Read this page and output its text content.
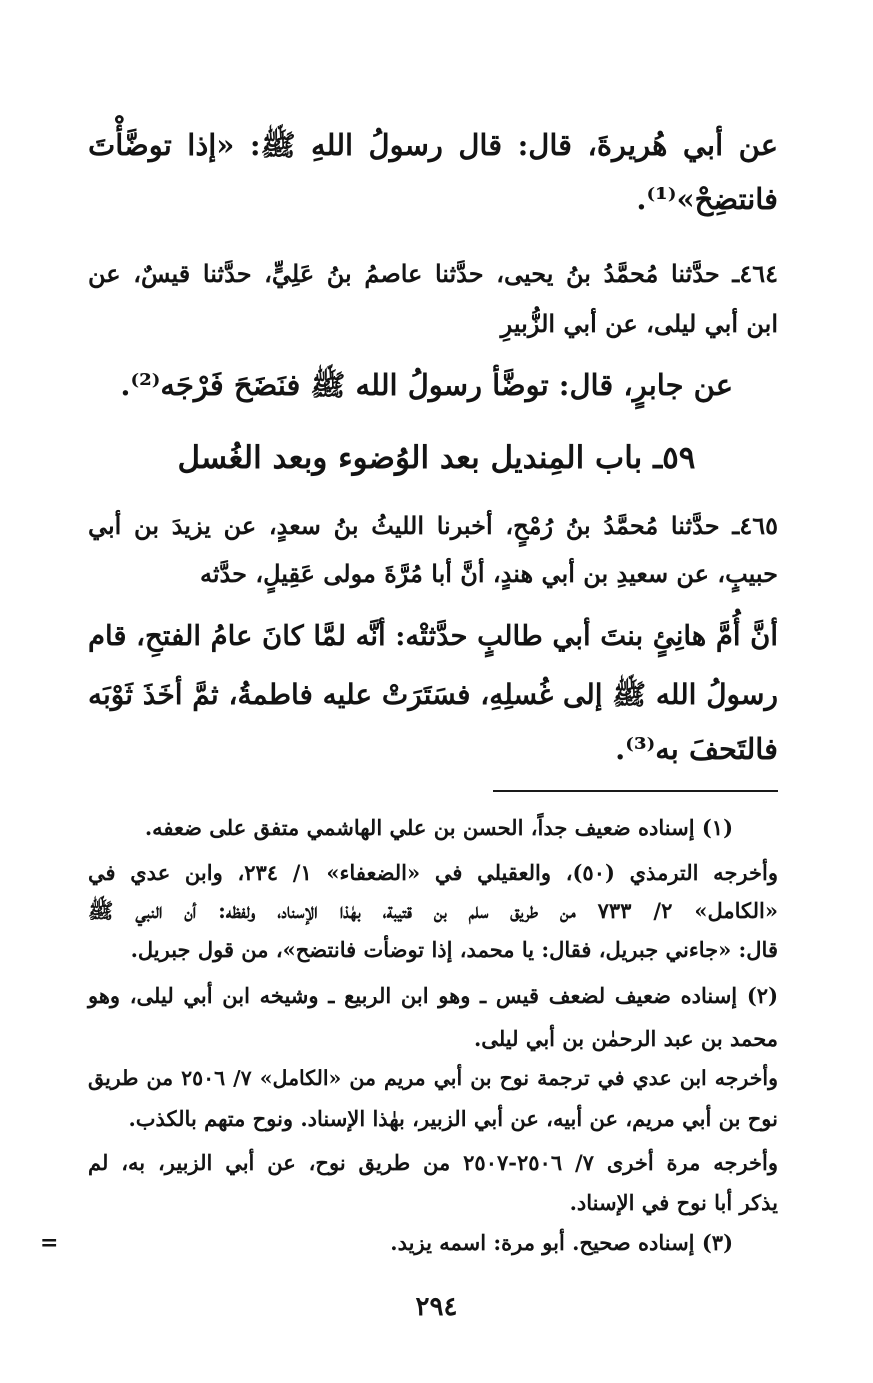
عن أبي هُريرةَ، قال: قال رسولُ اللهِ ﷺ: «إذا توضَّأْتَ
فانتضِحْ»⁽¹⁾.
٤٦٤ـ حدَّثنا مُحمَّدُ بنُ يحيى، حدَّثنا عاصمُ بنُ عَلِيٍّ، حدَّثنا قيسٌ، عن
ابن أبي ليلى، عن أبي الزُّبيرِ
عن جابرٍ، قال: توضَّأ رسولُ الله ﷺ فنَضَحَ فَرْجَه⁽²⁾.
٥٩ـ باب المِنديل بعد الوُضوء وبعد الغُسل
٤٦٥ـ حدَّثنا مُحمَّدُ بنُ رُمْحٍ، أخبرنا الليثُ بنُ سعدٍ، عن يزيدَ بن أبي
حبيبٍ، عن سعيدِ بن أبي هندٍ، أنَّ أبا مُرَّةَ مولى عَقِيلٍ، حدَّثه
أنَّ أُمَّ هانِئٍ بنتَ أبي طالبٍ حدَّثتْه: أنَّه لمَّا كانَ عامُ الفتحِ، قام
رسولُ الله ﷺ إلى غُسلِهِ، فسَتَرَتْ عليه فاطمةُ، ثمَّ أخَذَ ثَوْبَه
فالتَحفَ به⁽³⁾.
(١) إسناده ضعيف جداً، الحسن بن علي الهاشمي متفق على ضعفه.
وأخرجه الترمذي (٥٠)، والعقيلي في «الضعفاء» ١/ ٢٣٤، وابن عدي في
«الكامل» ٢/ ٧٣٣ من طريق سلم بن قتيبة، بهٰذا الإسناد، ولفظه: أن النبي ﷺ
قال: «جاءني جبريل، فقال: يا محمد، إذا توضأت فانتضح»، من قول جبريل.
(٢) إسناده ضعيف لضعف قيس ـ وهو ابن الربيع ـ وشيخه ابن أبي ليلى، وهو
محمد بن عبد الرحمٰن بن أبي ليلى.
وأخرجه ابن عدي في ترجمة نوح بن أبي مريم من «الكامل» ٧/ ٢٥٠٦ من طريق
نوح بن أبي مريم، عن أبيه، عن أبي الزبير، بهٰذا الإسناد. ونوح متهم بالكذب.
وأخرجه مرة أخرى ٧/ ٢٥٠٦-٢٥٠٧ من طريق نوح، عن أبي الزبير، به، لم
يذكر أبا نوح في الإسناد.
(٣) إسناده صحيح. أبو مرة: اسمه يزيد.
=
٢٩٤
